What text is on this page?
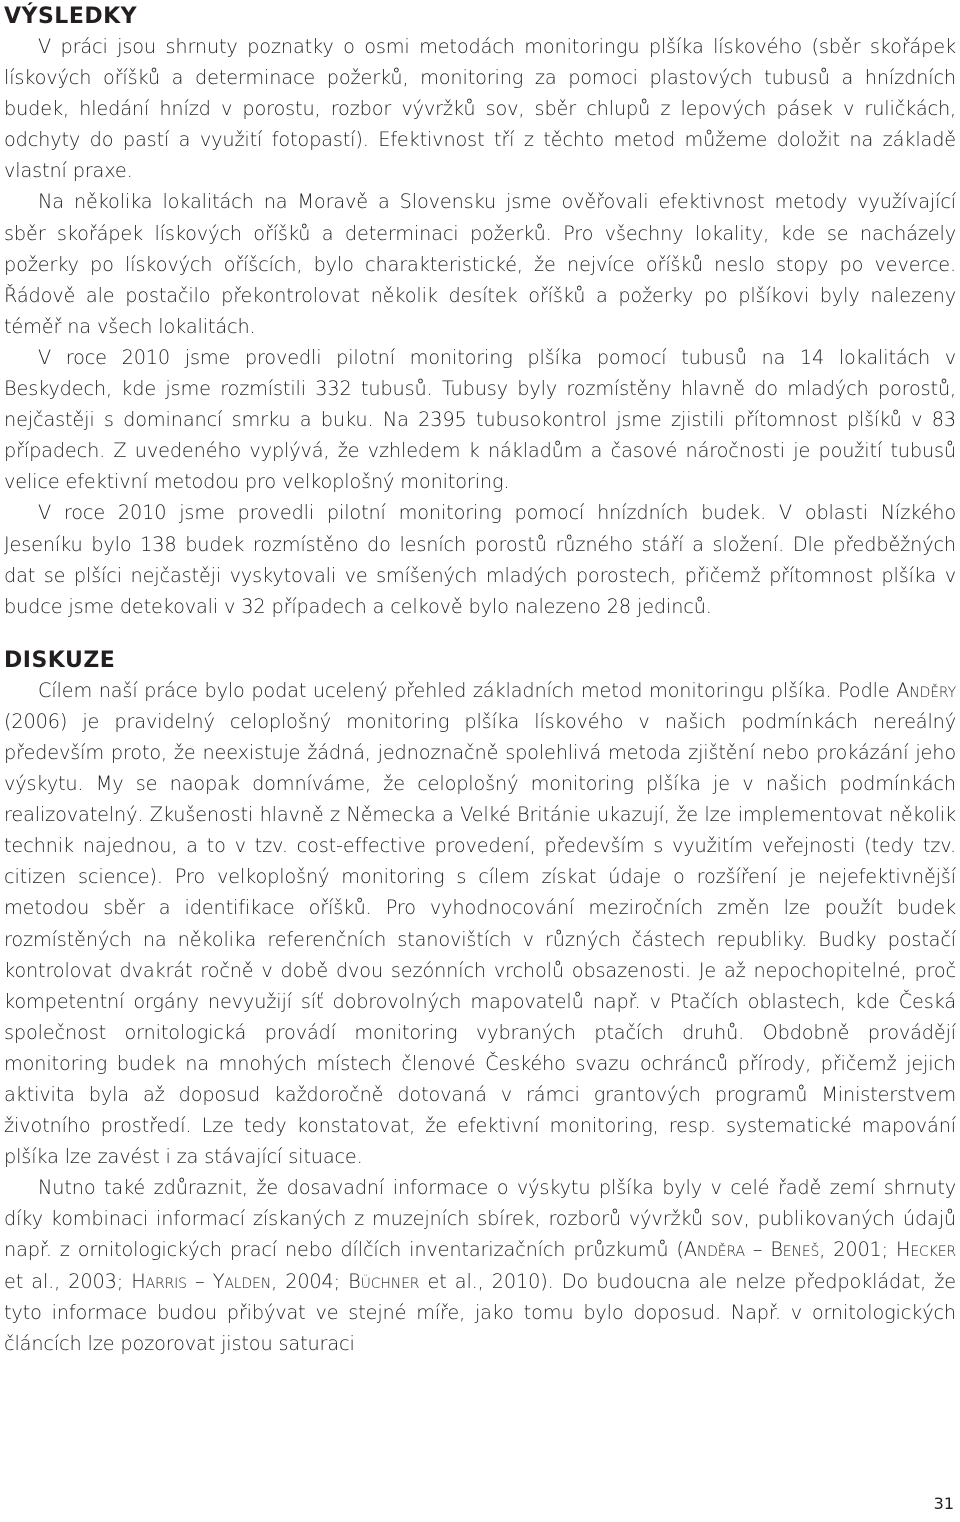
VÝSLEDKY

V práci jsou shrnuty poznatky o osmi metodách monitoringu plšíka lískového (sběr skořápek lískových oříšků a determinace požerků, monitoring za pomoci plastových tubusů a hnízdních budek, hledání hnízd v porostu, rozbor vývržků sov, sběr chlupů z lepových pásek v ruličkách, odchyty do pastí a využití fotopastí). Efektivnost tří z těchto metod můžeme doložit na základě vlastní praxe.

Na několika lokalitách na Moravě a Slovensku jsme ověřovali efektivnost metody využívající sběr skořápek lískových oříšků a determinaci požerků. Pro všechny lokality, kde se nacházely požerky po lískových oříšcích, bylo charakteristické, že nejvíce oříšků neslo stopy po veverce. Řádově ale postačilo překontrolovat několik desítek oříšků a požerky po plšíkovi byly nalezeny téměř na všech lokalitách.

V roce 2010 jsme provedli pilotní monitoring plšíka pomocí tubusů na 14 lokalitách v Beskydech, kde jsme rozmístili 332 tubusů. Tubusy byly rozmístěny hlavně do mladých porostů, nejčastěji s dominancí smrku a buku. Na 2395 tubusokontrol jsme zjistili přítomnost plšíků v 83 případech. Z uvedeného vyplývá, že vzhledem k nákladům a časové náročnosti je použití tubusů velice efektivní metodou pro velkoplošný monitoring.

V roce 2010 jsme provedli pilotní monitoring pomocí hnízdních budek. V oblasti Nízkého Jeseníku bylo 138 budek rozmístěno do lesních porostů různého stáří a složení. Dle předběžných dat se plšíci nejčastěji vyskytovali ve smíšených mladých porostech, přičemž přítomnost plšíka v budce jsme detekovali v 32 případech a celkově bylo nalezeno 28 jedinců.

DISKUZE

Cílem naší práce bylo podat ucelený přehled základních metod monitoringu plšíka. Podle Anděry (2006) je pravidelný celoplošný monitoring plšíka lískového v našich podmínkách nereálný především proto, že neexistuje žádná, jednoznačně spolehlivá metoda zjištění nebo prokázání jeho výskytu. My se naopak domníváme, že celoplošný monitoring plšíka je v našich podmínkách realizovatelný. Zkušenosti hlavně z Německa a Velké Británie ukazují, že lze implementovat několik technik najednou, a to v tzv. cost-effective provedení, především s využitím veřejnosti (tedy tzv. citizen science). Pro velkoplošný monitoring s cílem získat údaje o rozšíření je nejefektivnější metodou sběr a identifikace oříšků. Pro vyhodnocování meziročních změn lze použít budek rozmístěných na několika referenčních stanovištích v různých částech republiky. Budky postačí kontrolovat dvakrát ročně v době dvou sezónních vrcholů obsazenosti. Je až nepochopitelné, proč kompetentní orgány nevyužijí síť dobrovolných mapovatelů např. v Ptačích oblastech, kde Česká společnost ornitologická provádí monitoring vybraných ptačích druhů. Obdobně provádějí monitoring budek na mnohých místech členové Českého svazu ochránců přírody, přičemž jejich aktivita byla až doposud každoročně dotovaná v rámci grantových programů Ministerstvem životního prostředí. Lze tedy konstatovat, že efektivní monitoring, resp. systematické mapování plšíka lze zavést i za stávající situace.

Nutno také zdůraznit, že dosavadní informace o výskytu plšíka byly v celé řadě zemí shrnuty díky kombinaci informací získaných z muzejních sbírek, rozborů vývržků sov, publikovaných údajů např. z ornitologických prací nebo dílčích inventarizačních průzkumů (Anděra – Beneš, 2001; Hecker et al., 2003; Harris – Yalden, 2004; Büchner et al., 2010). Do budoucna ale nelze předpokládat, že tyto informace budou přibývat ve stejné míře, jako tomu bylo doposud. Např. v ornitologických článcích lze pozorovat jistou saturaci

31
